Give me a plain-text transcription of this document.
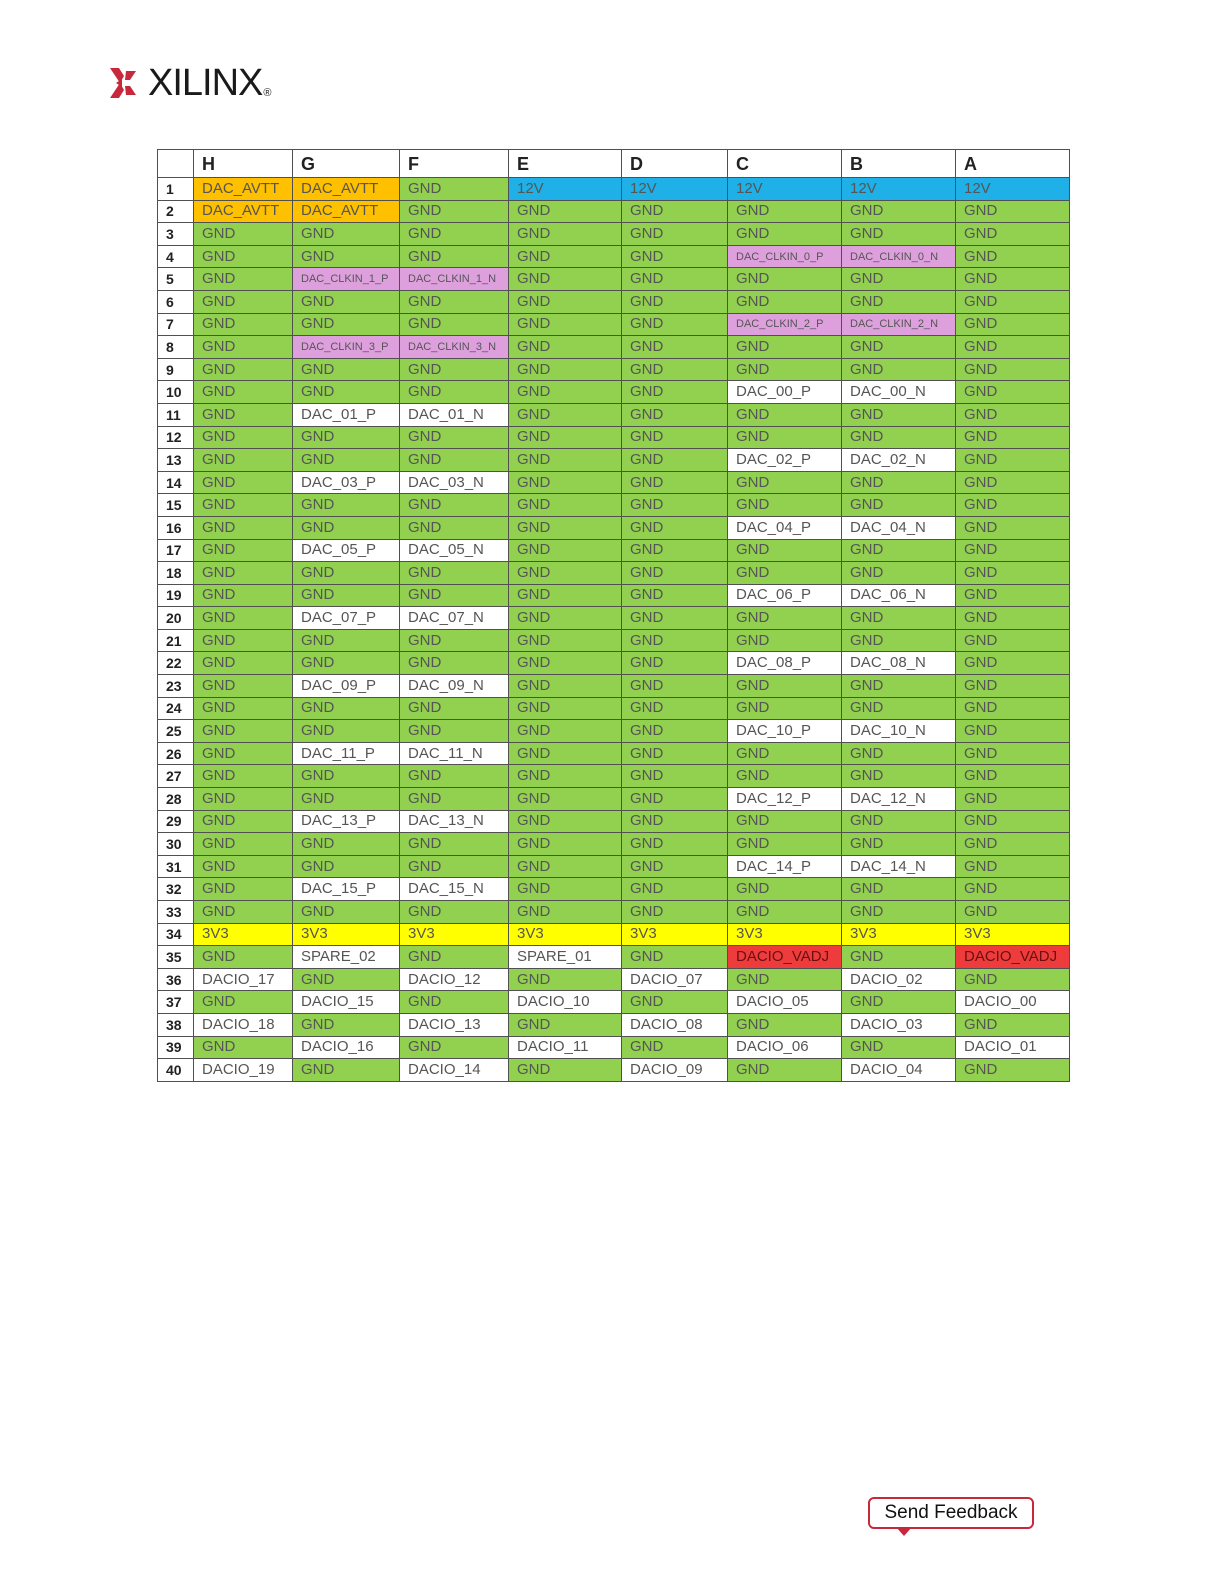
XILINX ®
	H	G	F	E	D	C	B	A
1	DAC_AVTT	DAC_AVTT	GND	12V	12V	12V	12V	12V
2	DAC_AVTT	DAC_AVTT	GND	GND	GND	GND	GND	GND
3	GND	GND	GND	GND	GND	GND	GND	GND
4	GND	GND	GND	GND	GND	DAC_CLKIN_0_P	DAC_CLKIN_0_N	GND
5	GND	DAC_CLKIN_1_P	DAC_CLKIN_1_N	GND	GND	GND	GND	GND
6	GND	GND	GND	GND	GND	GND	GND	GND
7	GND	GND	GND	GND	GND	DAC_CLKIN_2_P	DAC_CLKIN_2_N	GND
8	GND	DAC_CLKIN_3_P	DAC_CLKIN_3_N	GND	GND	GND	GND	GND
9	GND	GND	GND	GND	GND	GND	GND	GND
10	GND	GND	GND	GND	GND	DAC_00_P	DAC_00_N	GND
11	GND	DAC_01_P	DAC_01_N	GND	GND	GND	GND	GND
12	GND	GND	GND	GND	GND	GND	GND	GND
13	GND	GND	GND	GND	GND	DAC_02_P	DAC_02_N	GND
14	GND	DAC_03_P	DAC_03_N	GND	GND	GND	GND	GND
15	GND	GND	GND	GND	GND	GND	GND	GND
16	GND	GND	GND	GND	GND	DAC_04_P	DAC_04_N	GND
17	GND	DAC_05_P	DAC_05_N	GND	GND	GND	GND	GND
18	GND	GND	GND	GND	GND	GND	GND	GND
19	GND	GND	GND	GND	GND	DAC_06_P	DAC_06_N	GND
20	GND	DAC_07_P	DAC_07_N	GND	GND	GND	GND	GND
21	GND	GND	GND	GND	GND	GND	GND	GND
22	GND	GND	GND	GND	GND	DAC_08_P	DAC_08_N	GND
23	GND	DAC_09_P	DAC_09_N	GND	GND	GND	GND	GND
24	GND	GND	GND	GND	GND	GND	GND	GND
25	GND	GND	GND	GND	GND	DAC_10_P	DAC_10_N	GND
26	GND	DAC_11_P	DAC_11_N	GND	GND	GND	GND	GND
27	GND	GND	GND	GND	GND	GND	GND	GND
28	GND	GND	GND	GND	GND	DAC_12_P	DAC_12_N	GND
29	GND	DAC_13_P	DAC_13_N	GND	GND	GND	GND	GND
30	GND	GND	GND	GND	GND	GND	GND	GND
31	GND	GND	GND	GND	GND	DAC_14_P	DAC_14_N	GND
32	GND	DAC_15_P	DAC_15_N	GND	GND	GND	GND	GND
33	GND	GND	GND	GND	GND	GND	GND	GND
34	3V3	3V3	3V3	3V3	3V3	3V3	3V3	3V3
35	GND	SPARE_02	GND	SPARE_01	GND	DACIO_VADJ	GND	DACIO_VADJ
36	DACIO_17	GND	DACIO_12	GND	DACIO_07	GND	DACIO_02	GND
37	GND	DACIO_15	GND	DACIO_10	GND	DACIO_05	GND	DACIO_00
38	DACIO_18	GND	DACIO_13	GND	DACIO_08	GND	DACIO_03	GND
39	GND	DACIO_16	GND	DACIO_11	GND	DACIO_06	GND	DACIO_01
40	DACIO_19	GND	DACIO_14	GND	DACIO_09	GND	DACIO_04	GND
Send Feedback
